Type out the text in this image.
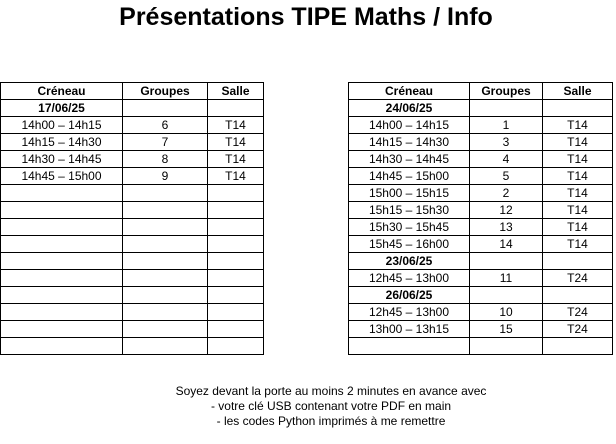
Présentations TIPE Maths / Info
Créneau	Groupes	Salle
17/06/25		
14h00 – 14h15	6	T14
14h15 – 14h30	7	T14
14h30 – 14h45	8	T14
14h45 – 15h00	9	T14

Créneau	Groupes	Salle
24/06/25		
14h00 – 14h15	1	T14
14h15 – 14h30	3	T14
14h30 – 14h45	4	T14
14h45 – 15h00	5	T14
15h00 – 15h15	2	T14
15h15 – 15h30	12	T14
15h30 – 15h45	13	T14
15h45 – 16h00	14	T14
23/06/25		
12h45 – 13h00	11	T24
26/06/25		
12h45 – 13h00	10	T24
13h00 – 13h15	15	T24

Soyez devant la porte au moins 2 minutes en avance avec
- votre clé USB contenant votre PDF en main
- les codes Python imprimés à me remettre
